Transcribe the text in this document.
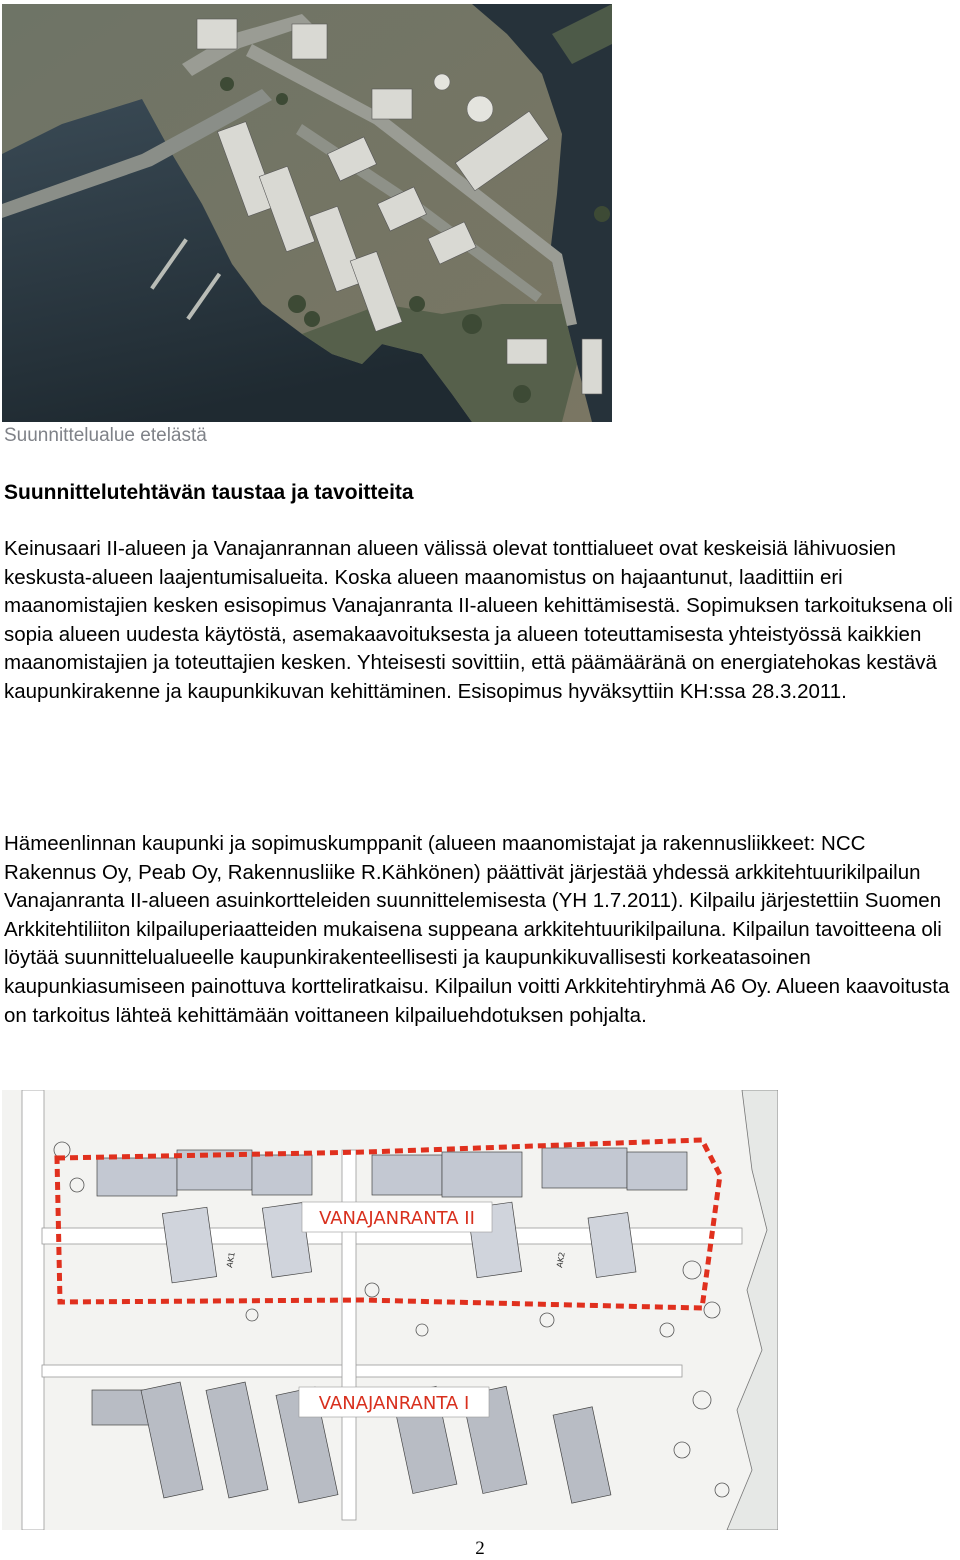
Suunnittelualue etelästä
Suunnittelutehtävän taustaa ja tavoitteita

Keinusaari II-alueen ja Vanajanrannan alueen välissä olevat tonttialueet ovat keskeisiä lähivuosien keskusta-alueen laajentumisalueita. Koska alueen maanomistus on hajaantunut, laadittiin eri maanomistajien kesken esisopimus Vanajanranta II-alueen kehittämisestä. Sopimuksen tarkoituksena oli sopia alueen uudesta käytöstä, asemakaavoituksesta ja alueen toteuttamisesta yhteistyössä kaikkien maanomistajien ja toteuttajien kesken. Yhteisesti sovittiin, että päämääränä on energiatehokas kestävä kaupunkirakenne ja kaupunkikuvan kehittäminen. Esisopimus hyväksyttiin KH:ssa 28.3.2011.

Hämeenlinnan kaupunki ja sopimuskumppanit (alueen maanomistajat ja rakennusliikkeet: NCC Rakennus Oy, Peab Oy, Rakennusliike R.Kähkönen) päättivät järjestää yhdessä arkkitehtuurikilpailun Vanajanranta II-alueen asuinkortteleiden suunnittelemisesta (YH 1.7.2011). Kilpailu järjestettiin Suomen Arkkitehtiliiton kilpailuperiaatteiden mukaisena suppeana arkkitehtuurikilpailuna. Kilpailun tavoitteena oli löytää suunnittelualueelle kaupunkirakenteellisesti ja kaupunkikuvallisesti korkeatasoinen kaupunkiasumiseen painottuva kortteliratkaisu. Kilpailun voitti Arkkitehtiryhmä A6 Oy. Alueen kaavoitusta on tarkoitus lähteä kehittämään voittaneen kilpailuehdotuksen pohjalta.

VANAJANRANTA II
VANAJANRANTA I
AK1	AK2
2
